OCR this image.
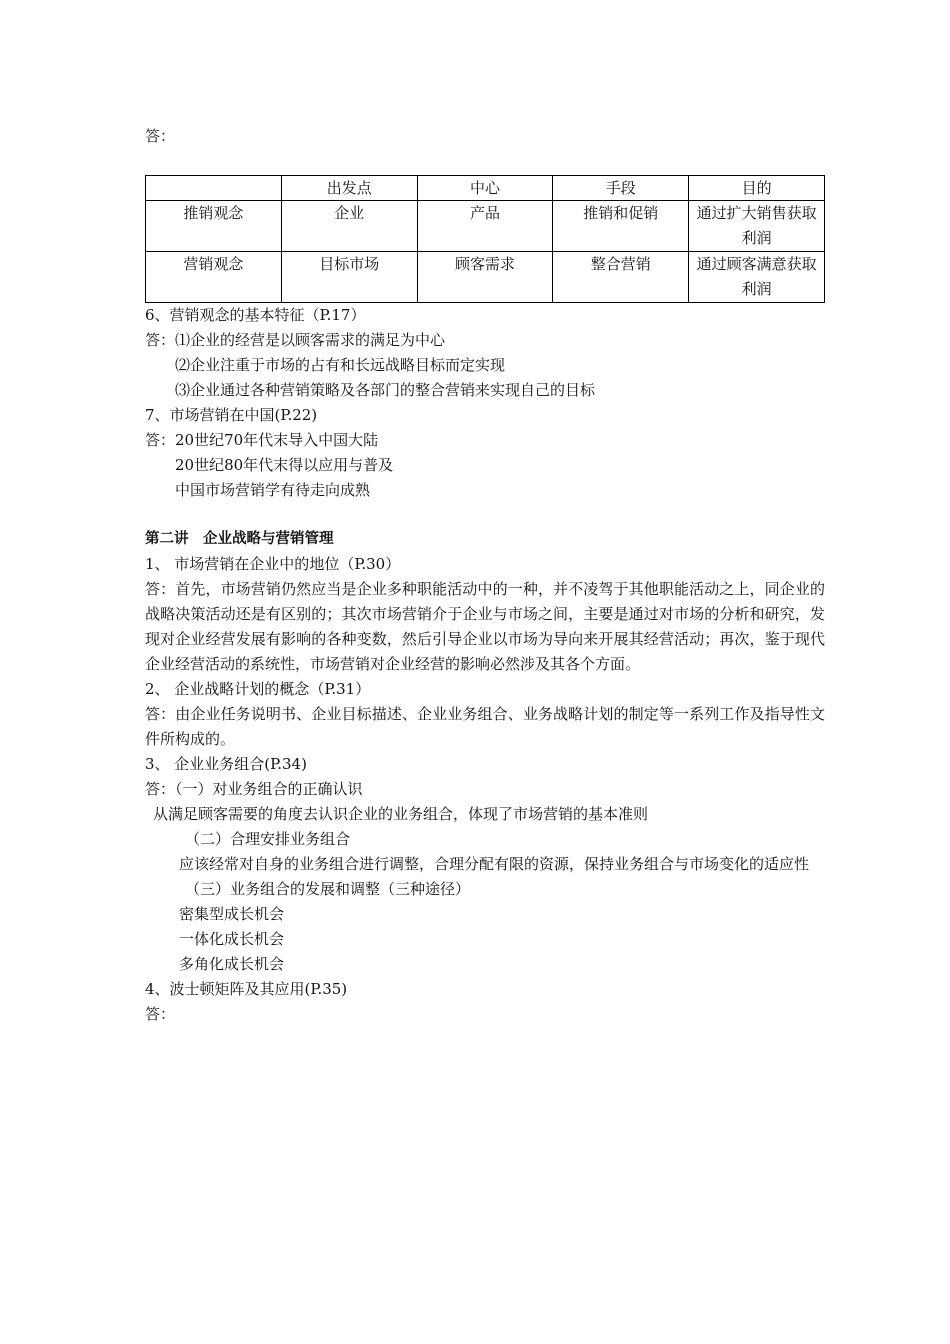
答：
	出发点	中心	手段	目的
推销观念	企业	产品	推销和促销	通过扩大销售获取利润
营销观念	目标市场	顾客需求	整合营销	通过顾客满意获取利润
6、营销观念的基本特征（P.17）
答：⑴企业的经营是以顾客需求的满足为中心
⑵企业注重于市场的占有和长远战略目标而定实现
⑶企业通过各种营销策略及各部门的整合营销来实现自己的目标
7、市场营销在中国(P.22)
答：20世纪70年代末导入中国大陆
20世纪80年代末得以应用与普及
中国市场营销学有待走向成熟
第二讲　企业战略与营销管理
1、 市场营销在企业中的地位（P.30）
答：首先，市场营销仍然应当是企业多种职能活动中的一种，并不凌驾于其他职能活动之上，同企业的战略决策活动还是有区别的；其次市场营销介于企业与市场之间，主要是通过对市场的分析和研究，发现对企业经营发展有影响的各种变数，然后引导企业以市场为导向来开展其经营活动；再次，鉴于现代企业经营活动的系统性，市场营销对企业经营的影响必然涉及其各个方面。
2、 企业战略计划的概念（P.31）
答：由企业任务说明书、企业目标描述、企业业务组合、业务战略计划的制定等一系列工作及指导性文件所构成的。
3、 企业业务组合(P.34)
答：（一）对业务组合的正确认识
从满足顾客需要的角度去认识企业的业务组合，体现了市场营销的基本准则
（二）合理安排业务组合
应该经常对自身的业务组合进行调整，合理分配有限的资源，保持业务组合与市场变化的适应性
（三）业务组合的发展和调整（三种途径）
密集型成长机会
一体化成长机会
多角化成长机会
4、波士顿矩阵及其应用(P.35)
答：
